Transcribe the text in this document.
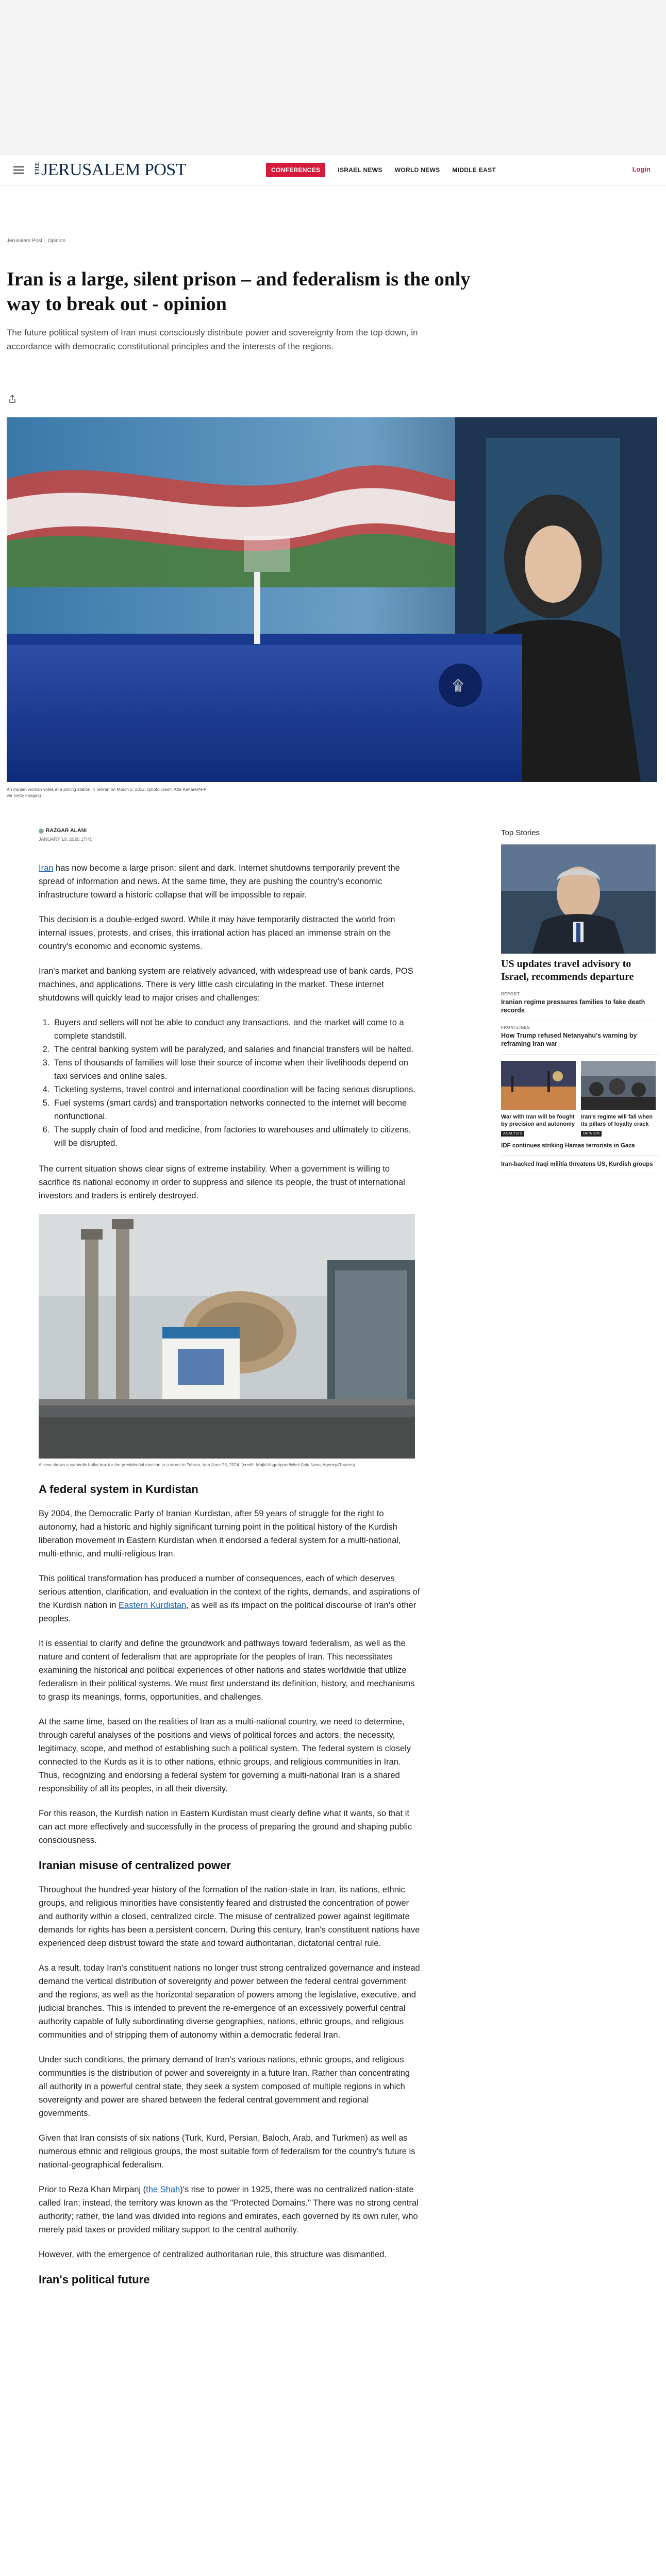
THE JERUSALEM POST	CONFERENCES	ISRAEL NEWS WORLD NEWS MIDDLE EAST	Login
Jerusalem Post | Opinion
Iran is a large, silent prison – and federalism is the only way to break out - opinion

The future political system of Iran must consciously distribute power and sovereignty from the top down, in accordance with democratic constitutional principles and the interests of the regions.

۩
An Iranian woman votes at a polling station in Tehran on March 2, 2012. (photo credit: Atta Kenare/AFP via Getty Images)
RAZGAR ALANI
JANUARY 19, 2026 17:40

Iran has now become a large prison: silent and dark. Internet shutdowns temporarily prevent the spread of information and news. At the same time, they are pushing the country's economic infrastructure toward a historic collapse that will be impossible to repair.

This decision is a double-edged sword. While it may have temporarily distracted the world from internal issues, protests, and crises, this irrational action has placed an immense strain on the country's economic and economic systems.

Iran's market and banking system are relatively advanced, with widespread use of bank cards, POS machines, and applications. There is very little cash circulating in the market. These internet shutdowns will quickly lead to major crises and challenges:

1. Buyers and sellers will not be able to conduct any transactions, and the market will come to a complete standstill.
2. The central banking system will be paralyzed, and salaries and financial transfers will be halted.
3. Tens of thousands of families will lose their source of income when their livelihoods depend on taxi services and online sales.
4. Ticketing systems, travel control and international coordination will be facing serious disruptions.
5. Fuel systems (smart cards) and transportation networks connected to the internet will become nonfunctional.
6. The supply chain of food and medicine, from factories to warehouses and ultimately to citizens, will be disrupted.

The current situation shows clear signs of extreme instability. When a government is willing to sacrifice its national economy in order to suppress and silence its people, the trust of international investors and traders is entirely destroyed.

A view shows a symbolic ballot box for the presidential election in a street in Tehran, Iran June 25, 2024. (credit: Majid Asgaripour/West Asia News Agency/Reuters)
A federal system in Kurdistan

By 2004, the Democratic Party of Iranian Kurdistan, after 59 years of struggle for the right to autonomy, had a historic and highly significant turning point in the political history of the Kurdish liberation movement in Eastern Kurdistan when it endorsed a federal system for a multi-national, multi-ethnic, and multi-religious Iran.

This political transformation has produced a number of consequences, each of which deserves serious attention, clarification, and evaluation in the context of the rights, demands, and aspirations of the Kurdish nation in Eastern Kurdistan, as well as its impact on the political discourse of Iran's other peoples.

It is essential to clarify and define the groundwork and pathways toward federalism, as well as the nature and content of federalism that are appropriate for the peoples of Iran. This necessitates examining the historical and political experiences of other nations and states worldwide that utilize federalism in their political systems. We must first understand its definition, history, and mechanisms to grasp its meanings, forms, opportunities, and challenges.

At the same time, based on the realities of Iran as a multi-national country, we need to determine, through careful analyses of the positions and views of political forces and actors, the necessity, legitimacy, scope, and method of establishing such a political system. The federal system is closely connected to the Kurds as it is to other nations, ethnic groups, and religious communities in Iran. Thus, recognizing and endorsing a federal system for governing a multi-national Iran is a shared responsibility of all its peoples, in all their diversity.

For this reason, the Kurdish nation in Eastern Kurdistan must clearly define what it wants, so that it can act more effectively and successfully in the process of preparing the ground and shaping public consciousness.

Iranian misuse of centralized power

Throughout the hundred-year history of the formation of the nation-state in Iran, its nations, ethnic groups, and religious minorities have consistently feared and distrusted the concentration of power and authority within a closed, centralized circle. The misuse of centralized power against legitimate demands for rights has been a persistent concern. During this century, Iran's constituent nations have experienced deep distrust toward the state and toward authoritarian, dictatorial central rule.

As a result, today Iran's constituent nations no longer trust strong centralized governance and instead demand the vertical distribution of sovereignty and power between the federal central government and the regions, as well as the horizontal separation of powers among the legislative, executive, and judicial branches. This is intended to prevent the re-emergence of an excessively powerful central authority capable of fully subordinating diverse geographies, nations, ethnic groups, and religious communities and of stripping them of autonomy within a democratic federal Iran.

Under such conditions, the primary demand of Iran's various nations, ethnic groups, and religious communities is the distribution of power and sovereignty in a future Iran. Rather than concentrating all authority in a powerful central state, they seek a system composed of multiple regions in which sovereignty and power are shared between the federal central government and regional governments.

Given that Iran consists of six nations (Turk, Kurd, Persian, Baloch, Arab, and Turkmen) as well as numerous ethnic and religious groups, the most suitable form of federalism for the country's future is national-geographical federalism.

Prior to Reza Khan Mirpanj (the Shah)'s rise to power in 1925, there was no centralized nation-state called Iran; instead, the territory was known as the "Protected Domains." There was no strong central authority; rather, the land was divided into regions and emirates, each governed by its own ruler, who merely paid taxes or provided military support to the central authority.

However, with the emergence of centralized authoritarian rule, this structure was dismantled.

Iran's political future
Top Stories
US updates travel advisory to Israel, recommends departure
REPORT
Iranian regime pressures families to fake death records
FRONTLINES
How Trump refused Netanyahu's warning by reframing Iran war
War with Iran will be fought by precision and autonomy
ANALYSIS
Iran's regime will fall when its pillars of loyalty crack
OPINION
IDF continues striking Hamas terrorists in Gaza
Iran-backed Iraqi militia threatens US, Kurdish groups
